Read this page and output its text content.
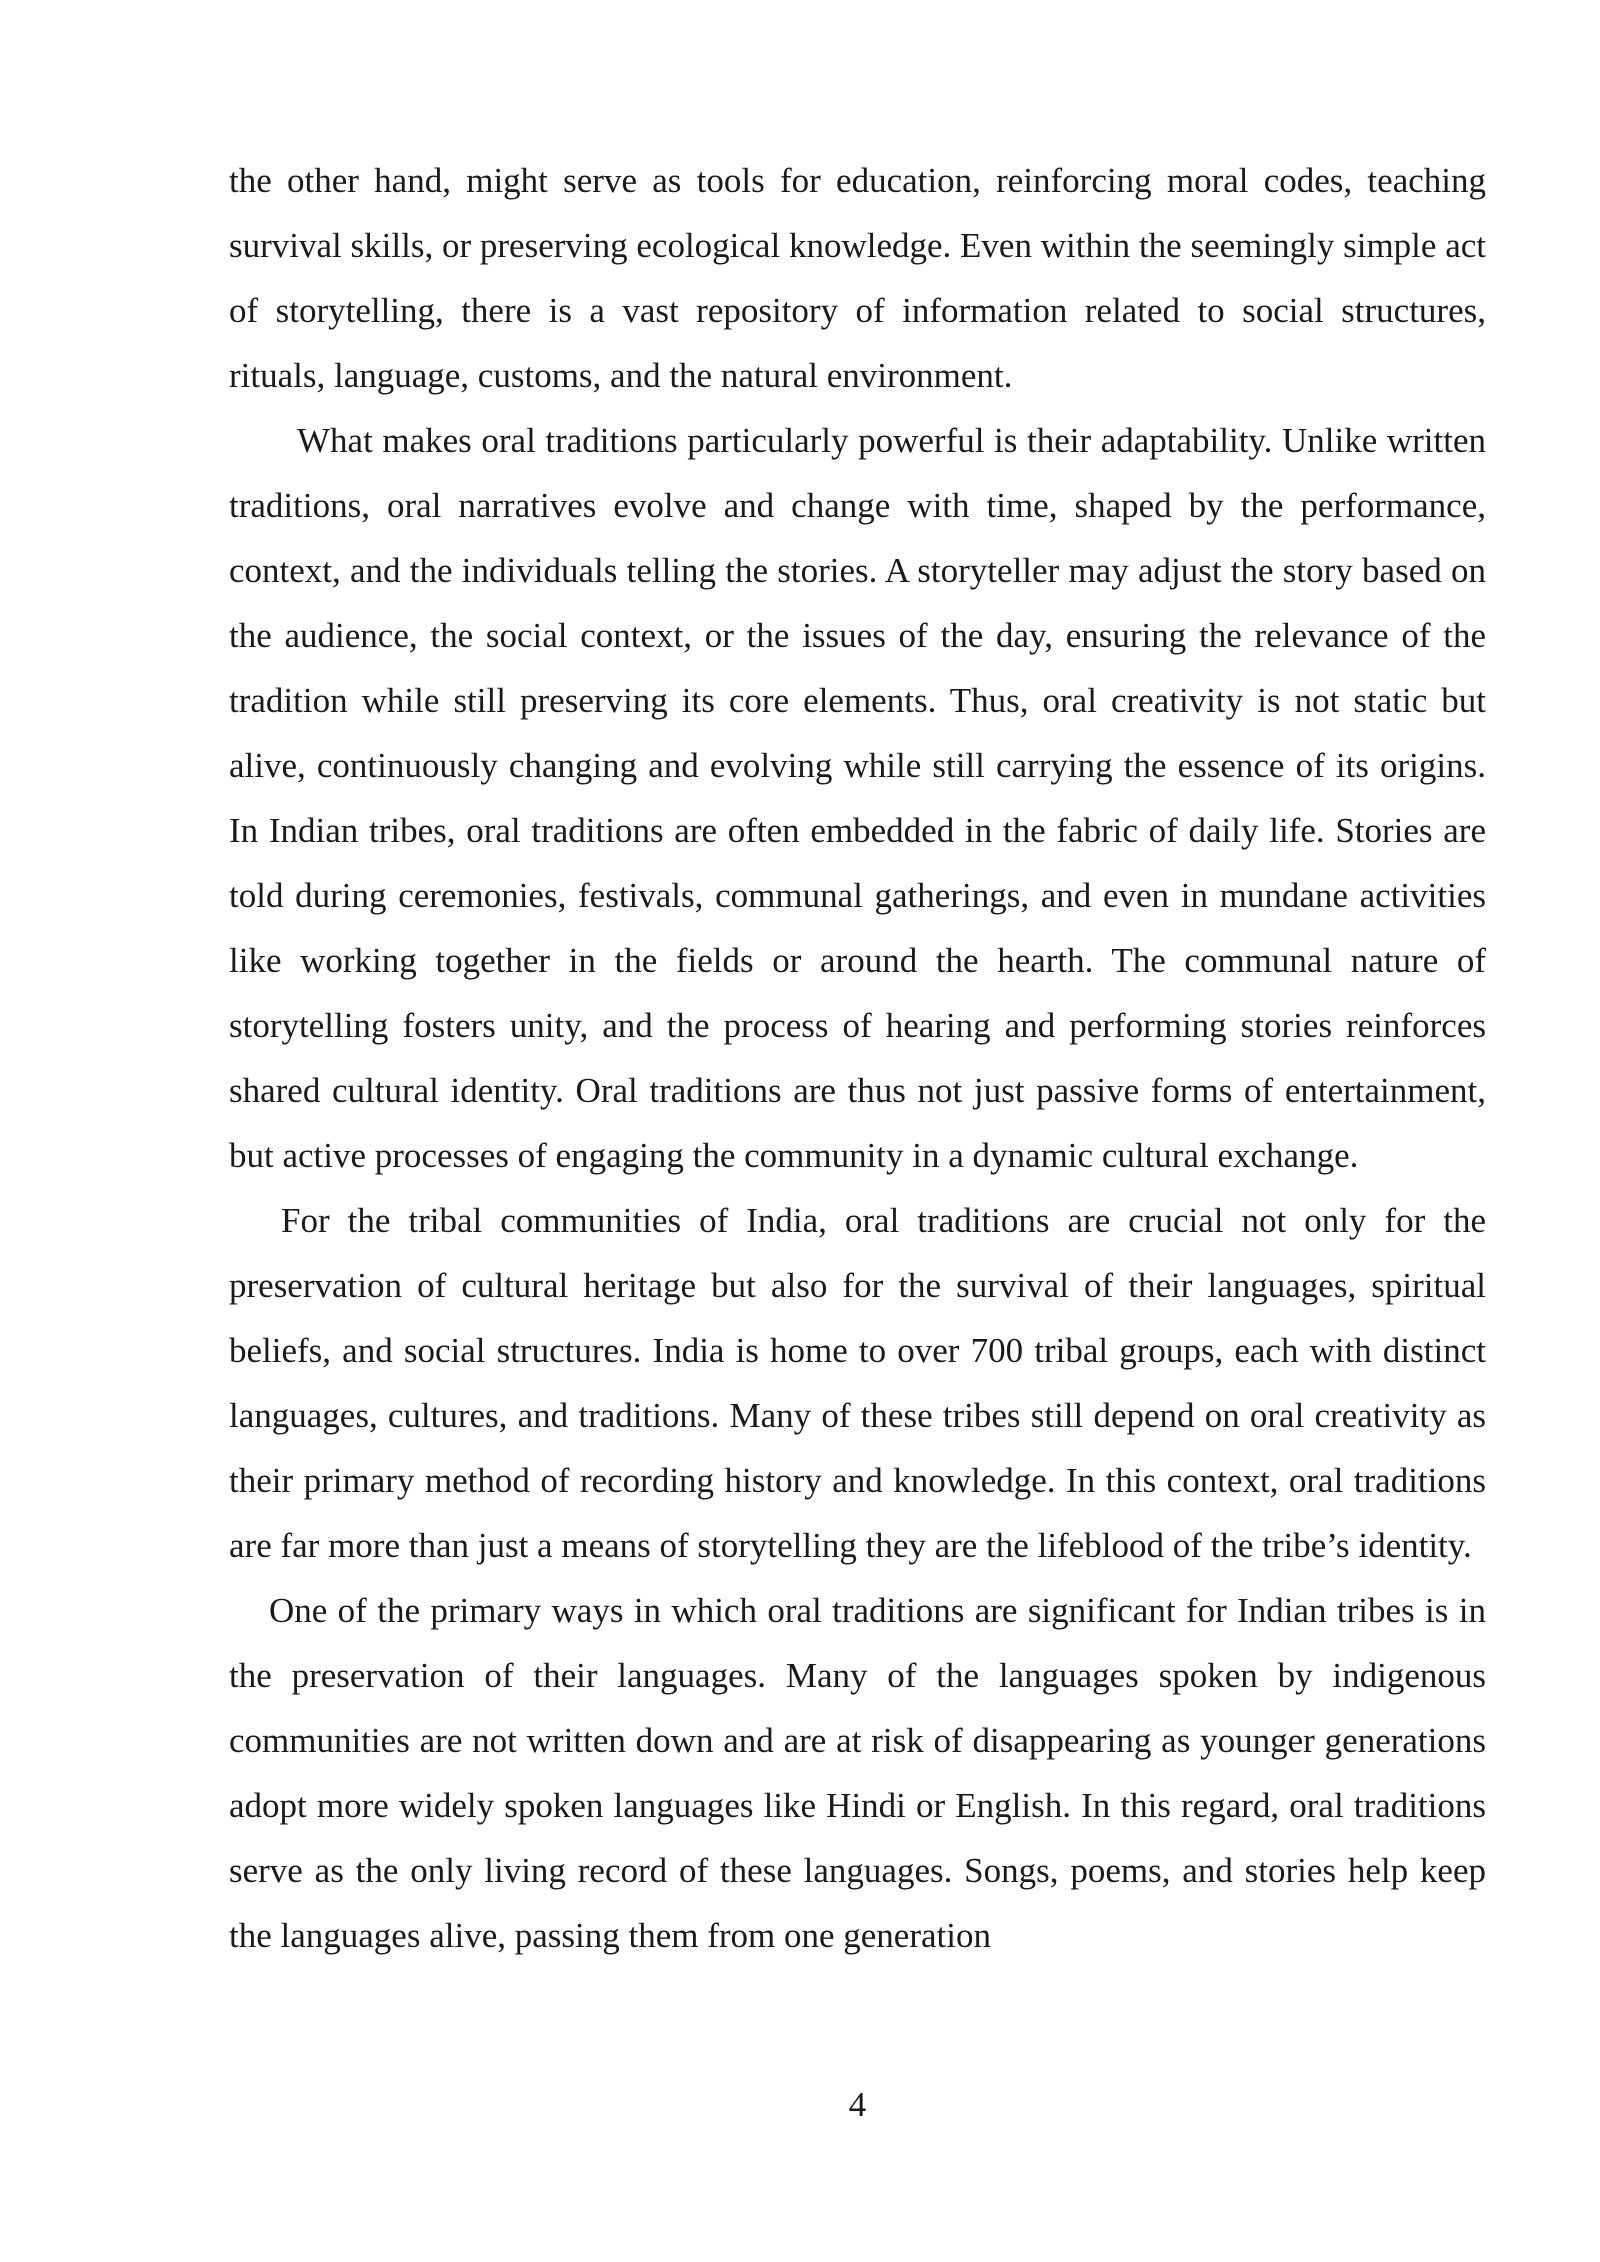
the other hand, might serve as tools for education, reinforcing moral codes, teaching survival skills, or preserving ecological knowledge. Even within the seemingly simple act of storytelling, there is a vast repository of information related to social structures, rituals, language, customs, and the natural environment.

What makes oral traditions particularly powerful is their adaptability. Unlike written traditions, oral narratives evolve and change with time, shaped by the performance, context, and the individuals telling the stories. A storyteller may adjust the story based on the audience, the social context, or the issues of the day, ensuring the relevance of the tradition while still preserving its core elements. Thus, oral creativity is not static but alive, continuously changing and evolving while still carrying the essence of its origins. In Indian tribes, oral traditions are often embedded in the fabric of daily life. Stories are told during ceremonies, festivals, communal gatherings, and even in mundane activities like working together in the fields or around the hearth. The communal nature of storytelling fosters unity, and the process of hearing and performing stories reinforces shared cultural identity. Oral traditions are thus not just passive forms of entertainment, but active processes of engaging the community in a dynamic cultural exchange.

For the tribal communities of India, oral traditions are crucial not only for the preservation of cultural heritage but also for the survival of their languages, spiritual beliefs, and social structures. India is home to over 700 tribal groups, each with distinct languages, cultures, and traditions. Many of these tribes still depend on oral creativity as their primary method of recording history and knowledge. In this context, oral traditions are far more than just a means of storytelling they are the lifeblood of the tribe’s identity.

One of the primary ways in which oral traditions are significant for Indian tribes is in the preservation of their languages. Many of the languages spoken by indigenous communities are not written down and are at risk of disappearing as younger generations adopt more widely spoken languages like Hindi or English. In this regard, oral traditions serve as the only living record of these languages. Songs, poems, and stories help keep the languages alive, passing them from one generation

4
